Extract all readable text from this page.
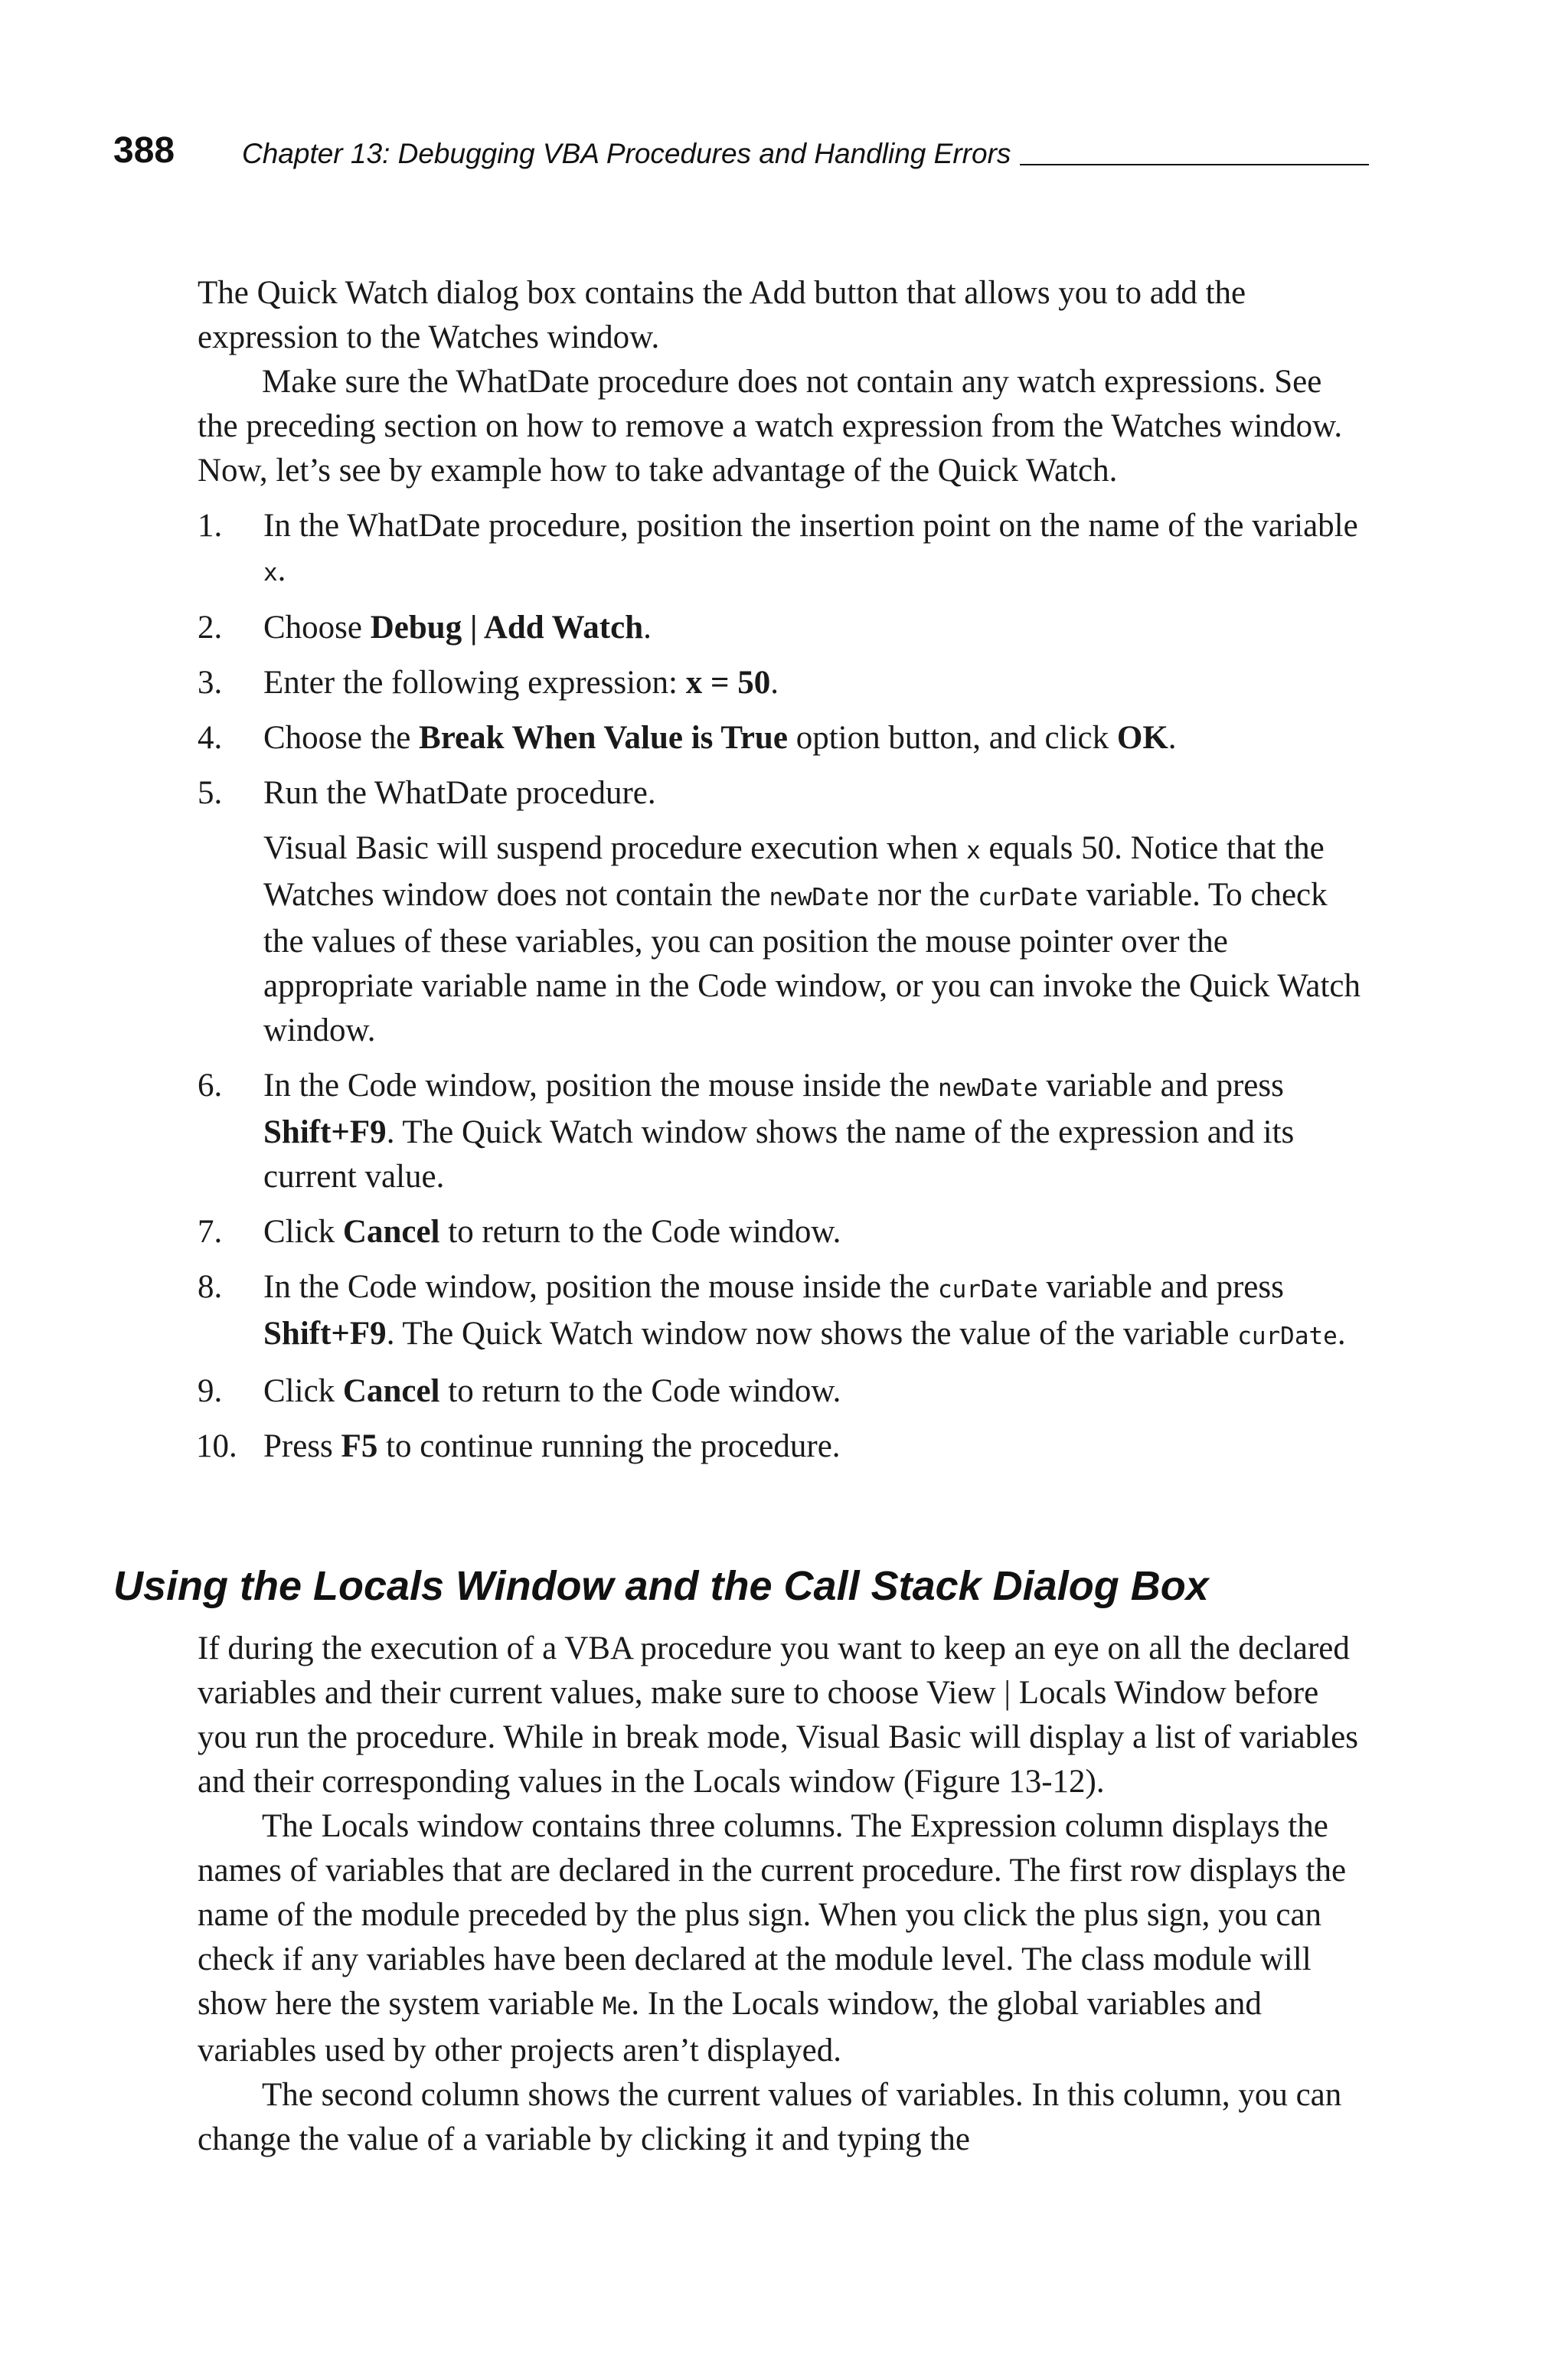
388 Chapter 13: Debugging VBA Procedures and Handling Errors

The Quick Watch dialog box contains the Add button that allows you to add the expression to the Watches window.

Make sure the WhatDate procedure does not contain any watch expressions. See the preceding section on how to remove a watch expression from the Watches window. Now, let’s see by example how to take advantage of the Quick Watch.

1. In the WhatDate procedure, position the insertion point on the name of the variable x.
2. Choose Debug | Add Watch.
3. Enter the following expression: x = 50.
4. Choose the Break When Value is True option button, and click OK.
5. Run the WhatDate procedure.
Visual Basic will suspend procedure execution when x equals 50. Notice that the Watches window does not contain the newDate nor the curDate variable. To check the values of these variables, you can position the mouse pointer over the appropriate variable name in the Code window, or you can invoke the Quick Watch window.
6. In the Code window, position the mouse inside the newDate variable and press Shift+F9. The Quick Watch window shows the name of the expression and its current value.
7. Click Cancel to return to the Code window.
8. In the Code window, position the mouse inside the curDate variable and press Shift+F9. The Quick Watch window now shows the value of the variable curDate.
9. Click Cancel to return to the Code window.
10. Press F5 to continue running the procedure.
Using the Locals Window and the Call Stack Dialog Box

If during the execution of a VBA procedure you want to keep an eye on all the declared variables and their current values, make sure to choose View | Locals Window before you run the procedure. While in break mode, Visual Basic will display a list of variables and their corresponding values in the Locals window (Figure 13-12).

The Locals window contains three columns. The Expression column displays the names of variables that are declared in the current procedure. The first row displays the name of the module preceded by the plus sign. When you click the plus sign, you can check if any variables have been declared at the module level. The class module will show here the system variable Me. In the Locals window, the global variables and variables used by other projects aren’t displayed.

The second column shows the current values of variables. In this column, you can change the value of a variable by clicking it and typing the
